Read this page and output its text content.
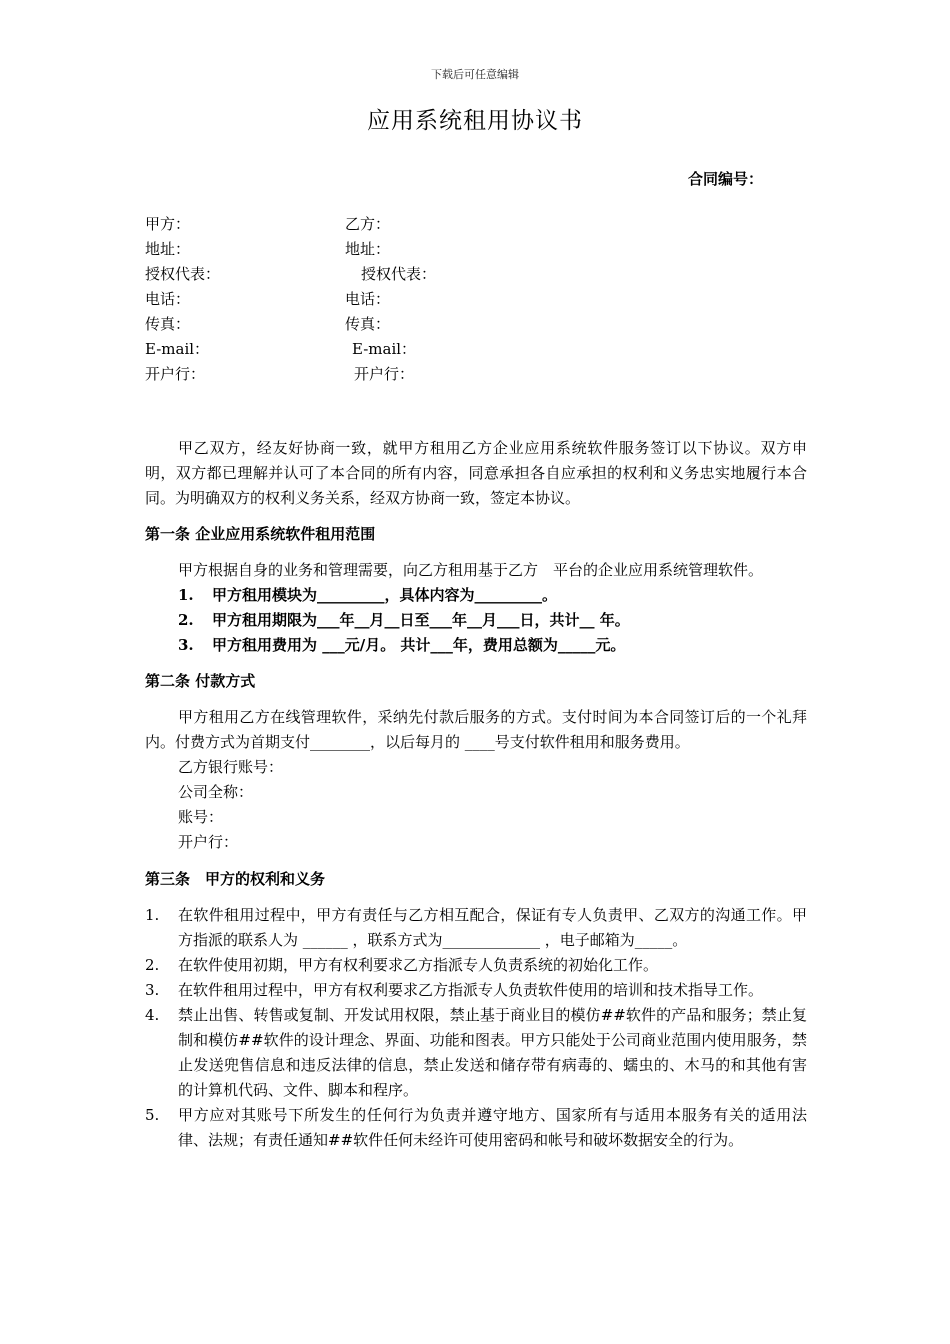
下载后可任意编辑
应用系统租用协议书
合同编号：
甲方：
地址：
授权代表：
电话：
传真：
E-mail：
开户行：
乙方：
地址：
授权代表：
电话：
传真：
E-mail：
开户行：

甲乙双方，经友好协商一致，就甲方租用乙方企业应用系统软件服务签订以下协议。双方申明，双方都已理解并认可了本合同的所有内容，同意承担各自应承担的权利和义务忠实地履行本合同。为明确双方的权利义务关系，经双方协商一致，签定本协议。

第一条 企业应用系统软件租用范围

甲方根据自身的业务和管理需要，向乙方租用基于乙方　平台的企业应用系统管理软件。

1. 甲方租用模块为_________，具体内容为_________。

2. 甲方租用期限为___年__月__日至___年__月___日，共计__ 年。

3. 甲方租用费用为 ___元/月。 共计___年，费用总额为_____元。

第二条 付款方式

甲方租用乙方在线管理软件，采纳先付款后服务的方式。支付时间为本合同签订后的一个礼拜内。付费方式为首期支付________，以后每月的 ____号支付软件租用和服务费用。

乙方银行账号：

公司全称：

账号：

开户行：

第三条　甲方的权利和义务

1. 在软件租用过程中，甲方有责任与乙方相互配合，保证有专人负责甲、乙双方的沟通工作。甲方指派的联系人为 ______ ，联系方式为_____________ ，电子邮箱为_____。
2. 在软件使用初期，甲方有权利要求乙方指派专人负责系统的初始化工作。
3. 在软件租用过程中，甲方有权利要求乙方指派专人负责软件使用的培训和技术指导工作。
4. 禁止出售、转售或复制、开发试用权限，禁止基于商业目的模仿##软件的产品和服务；禁止复制和模仿##软件的设计理念、界面、功能和图表。甲方只能处于公司商业范围内使用服务，禁止发送兜售信息和违反法律的信息，禁止发送和储存带有病毒的、蠕虫的、木马的和其他有害的计算机代码、文件、脚本和程序。
5. 甲方应对其账号下所发生的任何行为负责并遵守地方、国家所有与适用本服务有关的适用法律、法规；有责任通知##软件任何未经许可使用密码和帐号和破坏数据安全的行为。
